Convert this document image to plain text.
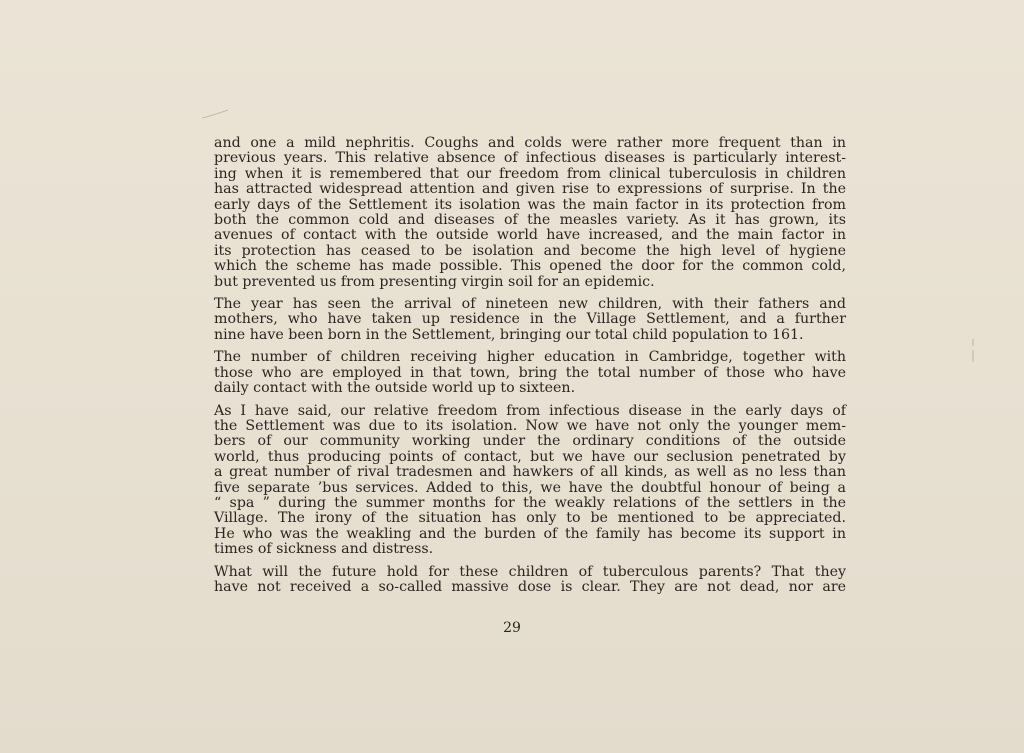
and one a mild nephritis. Coughs and colds were rather more frequent than in
previous years. This relative absence of infectious diseases is particularly interest-
ing when it is remembered that our freedom from clinical tuberculosis in children
has attracted widespread attention and given rise to expressions of surprise. In the
early days of the Settlement its isolation was the main factor in its protection from
both the common cold and diseases of the measles variety. As it has grown, its
avenues of contact with the outside world have increased, and the main factor in
its protection has ceased to be isolation and become the high level of hygiene
which the scheme has made possible. This opened the door for the common cold,
but prevented us from presenting virgin soil for an epidemic.

The year has seen the arrival of nineteen new children, with their fathers and
mothers, who have taken up residence in the Village Settlement, and a further
nine have been born in the Settlement, bringing our total child population to 161.

The number of children receiving higher education in Cambridge, together with
those who are employed in that town, bring the total number of those who have
daily contact with the outside world up to sixteen.

As I have said, our relative freedom from infectious disease in the early days of
the Settlement was due to its isolation. Now we have not only the younger mem-
bers of our community working under the ordinary conditions of the outside
world, thus producing points of contact, but we have our seclusion penetrated by
a great number of rival tradesmen and hawkers of all kinds, as well as no less than
five separate ’bus services. Added to this, we have the doubtful honour of being a
“ spa ” during the summer months for the weakly relations of the settlers in the
Village. The irony of the situation has only to be mentioned to be appreciated.
He who was the weakling and the burden of the family has become its support in
times of sickness and distress.

What will the future hold for these children of tuberculous parents? That they
have not received a so-called massive dose is clear. They are not dead, nor are

29
